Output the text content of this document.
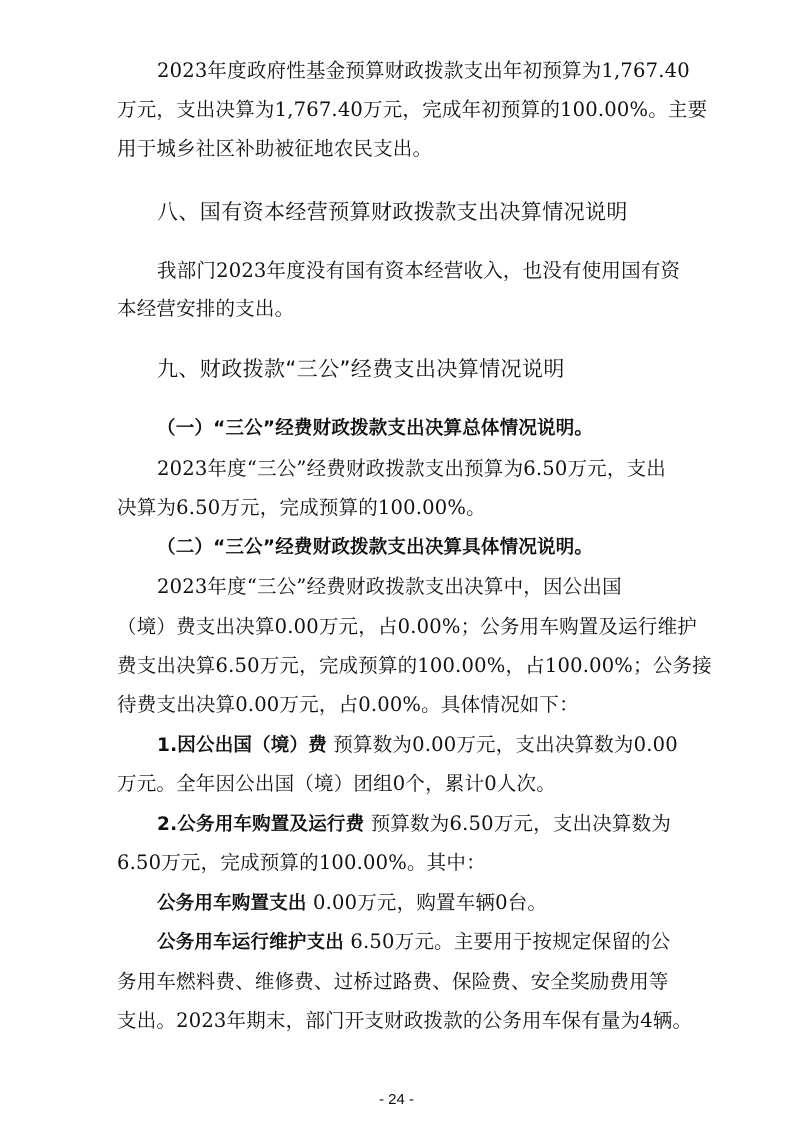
2023年度政府性基金预算财政拨款支出年初预算为1,767.40
万元，支出决算为1,767.40万元，完成年初预算的100.00%。主要
用于城乡社区补助被征地农民支出。
八、国有资本经营预算财政拨款支出决算情况说明
我部门2023年度没有国有资本经营收入，也没有使用国有资
本经营安排的支出。
九、财政拨款“三公”经费支出决算情况说明
（一）“三公”经费财政拨款支出决算总体情况说明。
2023年度“三公”经费财政拨款支出预算为6.50万元，支出
决算为6.50万元，完成预算的100.00%。
（二）“三公”经费财政拨款支出决算具体情况说明。
2023年度“三公”经费财政拨款支出决算中，因公出国
（境）费支出决算0.00万元，占0.00%；公务用车购置及运行维护
费支出决算6.50万元，完成预算的100.00%，占100.00%；公务接
待费支出决算0.00万元，占0.00%。具体情况如下：
1.因公出国（境）费 预算数为0.00万元，支出决算数为0.00
万元。全年因公出国（境）团组0个，累计0人次。
2.公务用车购置及运行费 预算数为6.50万元，支出决算数为
6.50万元，完成预算的100.00%。其中：
公务用车购置支出 0.00万元，购置车辆0台。
公务用车运行维护支出 6.50万元。主要用于按规定保留的公
务用车燃料费、维修费、过桥过路费、保险费、安全奖励费用等
支出。2023年期末，部门开支财政拨款的公务用车保有量为4辆。
- 24 -
